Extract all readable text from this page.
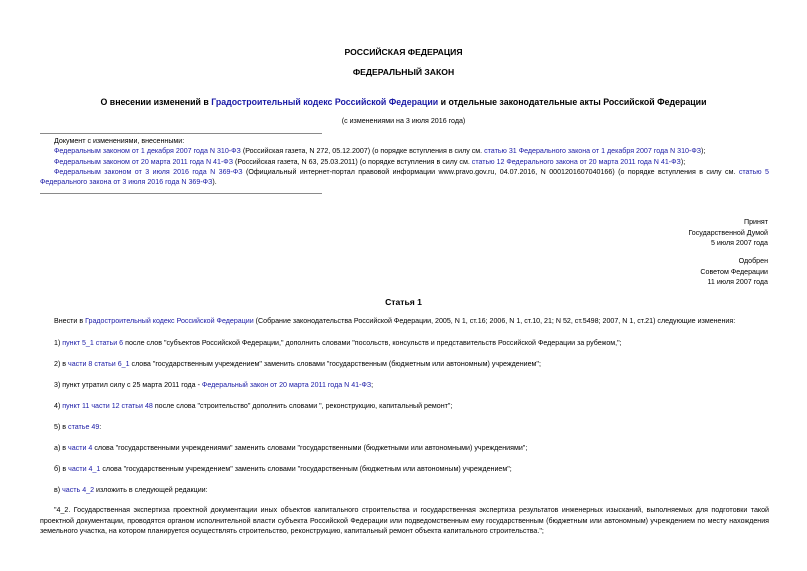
РОССИЙСКАЯ ФЕДЕРАЦИЯ
ФЕДЕРАЛЬНЫЙ ЗАКОН
О внесении изменений в Градостроительный кодекс Российской Федерации и отдельные законодательные акты Российской Федерации
(с изменениями на 3 июля 2016 года)
Документ с изменениями, внесенными:
Федеральным законом от 1 декабря 2007 года N 310-ФЗ (Российская газета, N 272, 05.12.2007) (о порядке вступления в силу см. статью 31 Федерального закона от 1 декабря 2007 года N 310-ФЗ);
Федеральным законом от 20 марта 2011 года N 41-ФЗ (Российская газета, N 63, 25.03.2011) (о порядке вступления в силу см. статью 12 Федерального закона от 20 марта 2011 года N 41-ФЗ);
Федеральным законом от 3 июля 2016 года N 369-ФЗ (Официальный интернет-портал правовой информации www.pravo.gov.ru, 04.07.2016, N 0001201607040166) (о порядке вступления в силу см. статью 5 Федерального закона от 3 июля 2016 года N 369-ФЗ).
Принят
Государственной Думой
5 июля 2007 года
Одобрен
Советом Федерации
11 июля 2007 года
Статья 1
Внести в Градостроительный кодекс Российской Федерации (Собрание законодательства Российской Федерации, 2005, N 1, ст.16; 2006, N 1, ст.10, 21; N 52, ст.5498; 2007, N 1, ст.21) следующие изменения:
1) пункт 5_1 статьи 6 после слов "субъектов Российской Федерации," дополнить словами "посольств, консульств и представительств Российской Федерации за рубежом,";
2) в части 8 статьи 6_1 слова "государственным учреждением" заменить словами "государственным (бюджетным или автономным) учреждением";
3) пункт утратил силу с 25 марта 2011 года - Федеральный закон от 20 марта 2011 года N 41-ФЗ;
4) пункт 11 части 12 статьи 48 после слова "строительство" дополнить словами ", реконструкцию, капитальный ремонт";
5) в статье 49:
а) в части 4 слова "государственными учреждениями" заменить словами "государственными (бюджетными или автономными) учреждениями";
б) в части 4_1 слова "государственным учреждением" заменить словами "государственным (бюджетным или автономным) учреждением";
в) часть 4_2 изложить в следующей редакции:
"4_2. Государственная экспертиза проектной документации иных объектов капитального строительства и государственная экспертиза результатов инженерных изысканий, выполняемых для подготовки такой проектной документации, проводятся органом исполнительной власти субъекта Российской Федерации или подведомственным ему государственным (бюджетным или автономным) учреждением по месту нахождения земельного участка, на котором планируется осуществлять строительство, реконструкцию, капитальный ремонт объекта капитального строительства.";
